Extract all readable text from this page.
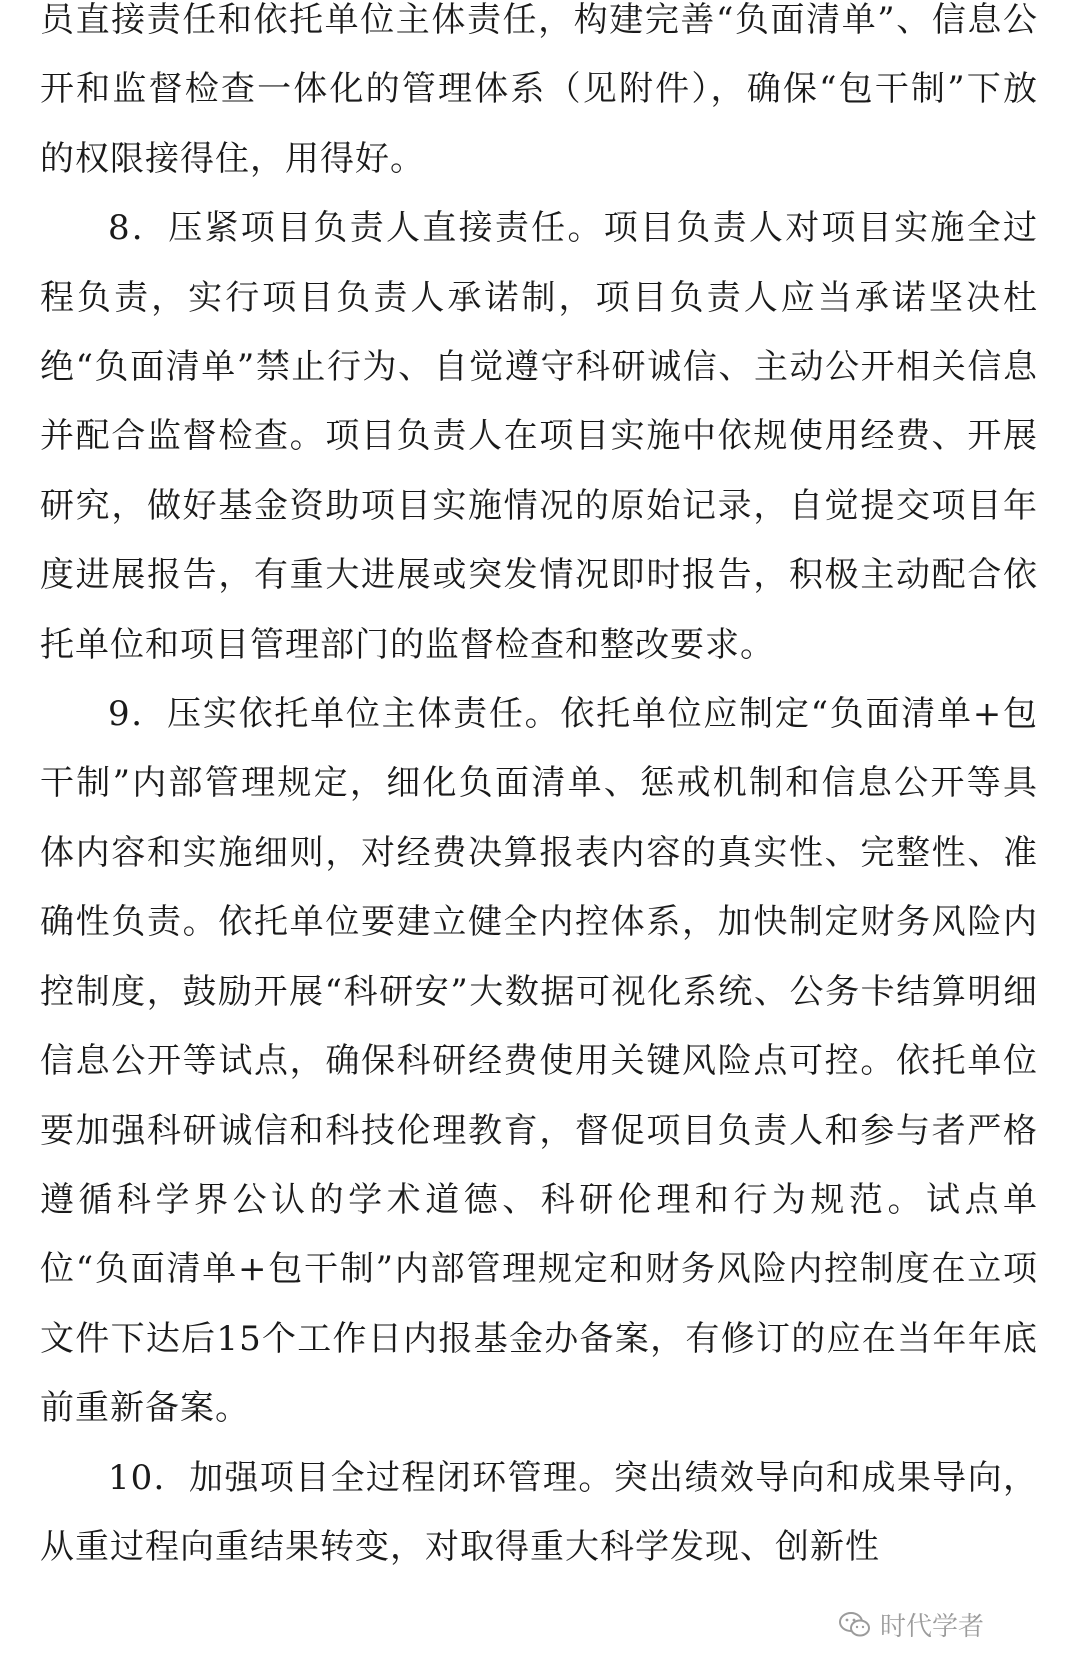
员直接责任和依托单位主体责任，构建完善“负面清单”、信息公开和监督检查一体化的管理体系（见附件），确保“包干制”下放的权限接得住，用得好。

8．压紧项目负责人直接责任。项目负责人对项目实施全过程负责，实行项目负责人承诺制，项目负责人应当承诺坚决杜绝“负面清单”禁止行为、自觉遵守科研诚信、主动公开相关信息并配合监督检查。项目负责人在项目实施中依规使用经费、开展研究，做好基金资助项目实施情况的原始记录，自觉提交项目年度进展报告，有重大进展或突发情况即时报告，积极主动配合依托单位和项目管理部门的监督检查和整改要求。

9．压实依托单位主体责任。依托单位应制定“负面清单+包干制”内部管理规定，细化负面清单、惩戒机制和信息公开等具体内容和实施细则，对经费决算报表内容的真实性、完整性、准确性负责。依托单位要建立健全内控体系，加快制定财务风险内控制度，鼓励开展“科研安”大数据可视化系统、公务卡结算明细信息公开等试点，确保科研经费使用关键风险点可控。依托单位要加强科研诚信和科技伦理教育，督促项目负责人和参与者严格遵循科学界公认的学术道德、科研伦理和行为规范。试点单位“负面清单+包干制”内部管理规定和财务风险内控制度在立项文件下达后15个工作日内报基金办备案，有修订的应在当年年底前重新备案。

10．加强项目全过程闭环管理。突出绩效导向和成果导向，从重过程向重结果转变，对取得重大科学发现、创新性

时代学者
